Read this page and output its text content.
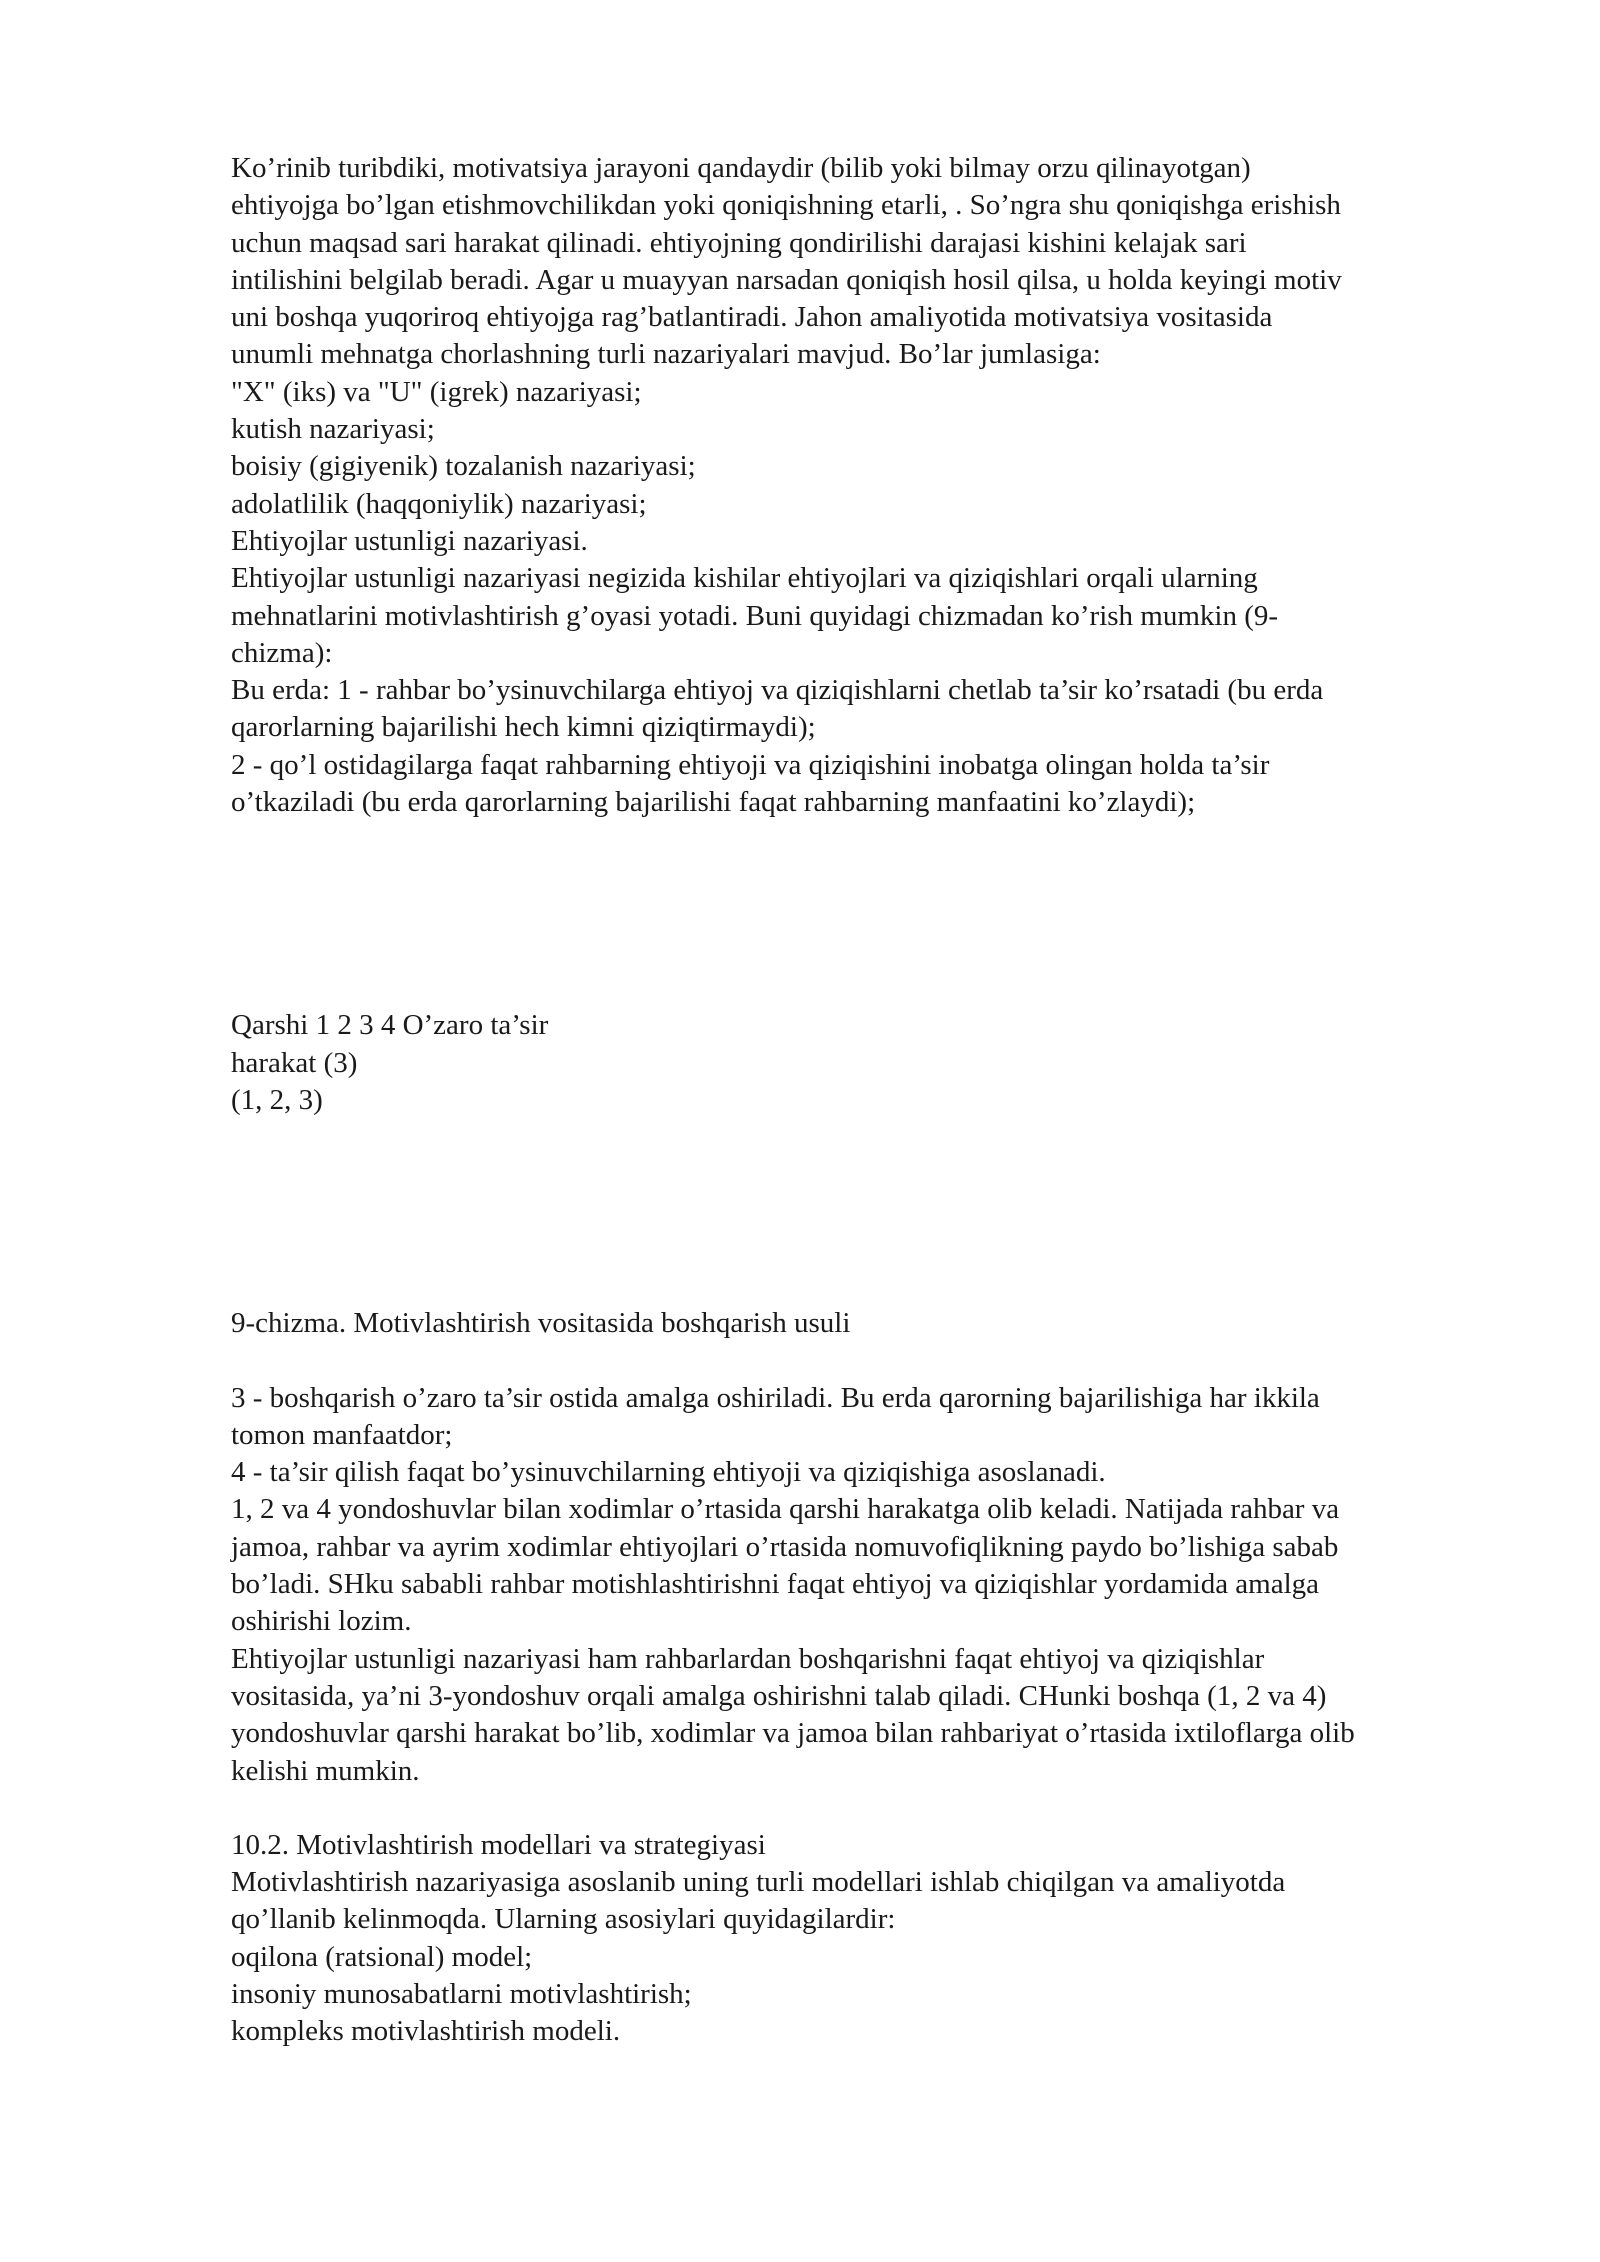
Ko’rinib turibdiki, motivatsiya jarayoni qandaydir (bilib yoki bilmay orzu qilinayotgan)
ehtiyojga bo’lgan etishmovchilikdan yoki qoniqishning etarli, . So’ngra shu qoniqishga erishish
uchun maqsad sari harakat qilinadi. ehtiyojning qondirilishi darajasi kishini kelajak sari
intilishini belgilab beradi. Agar u muayyan narsadan qoniqish hosil qilsa, u holda keyingi motiv
uni boshqa yuqoriroq ehtiyojga rag’batlantiradi. Jahon amaliyotida motivatsiya vositasida
unumli mehnatga chorlashning turli nazariyalari mavjud. Bo’lar jumlasiga:
"X" (iks) va "U" (igrek) nazariyasi;
kutish nazariyasi;
boisiy (gigiyenik) tozalanish nazariyasi;
adolatlilik (haqqoniylik) nazariyasi;
Ehtiyojlar ustunligi nazariyasi.
Ehtiyojlar ustunligi nazariyasi negizida kishilar ehtiyojlari va qiziqishlari orqali ularning
mehnatlarini motivlashtirish g’oyasi yotadi. Buni quyidagi chizmadan ko’rish mumkin (9-
chizma):
Bu erda: 1 - rahbar bo’ysinuvchilarga ehtiyoj va qiziqishlarni chetlab ta’sir ko’rsatadi (bu erda
qarorlarning bajarilishi hech kimni qiziqtirmaydi);
2 - qo’l ostidagilarga faqat rahbarning ehtiyoji va qiziqishini inobatga olingan holda ta’sir
o’tkaziladi (bu erda qarorlarning bajarilishi faqat rahbarning manfaatini ko’zlaydi);
Qarshi 1 2 3 4 O’zaro ta’sir
harakat (3)
(1, 2, 3)
9-chizma. Motivlashtirish vositasida boshqarish usuli
3 - boshqarish o’zaro ta’sir ostida amalga oshiriladi. Bu erda qarorning bajarilishiga har ikkila
tomon manfaatdor;
4 - ta’sir qilish faqat bo’ysinuvchilarning ehtiyoji va qiziqishiga asoslanadi.
1, 2 va 4 yondoshuvlar bilan xodimlar o’rtasida qarshi harakatga olib keladi. Natijada rahbar va
jamoa, rahbar va ayrim xodimlar ehtiyojlari o’rtasida nomuvofiqlikning paydo bo’lishiga sabab
bo’ladi. SHku sababli rahbar motishlashtirishni faqat ehtiyoj va qiziqishlar yordamida amalga
oshirishi lozim.
Ehtiyojlar ustunligi nazariyasi ham rahbarlardan boshqarishni faqat ehtiyoj va qiziqishlar
vositasida, ya’ni 3-yondoshuv orqali amalga oshirishni talab qiladi. CHunki boshqa (1, 2 va 4)
yondoshuvlar qarshi harakat bo’lib, xodimlar va jamoa bilan rahbariyat o’rtasida ixtiloflarga olib
kelishi mumkin.
10.2. Motivlashtirish modellari va strategiyasi
Motivlashtirish nazariyasiga asoslanib uning turli modellari ishlab chiqilgan va amaliyotda
qo’llanib kelinmoqda. Ularning asosiylari quyidagilardir:
oqilona (ratsional) model;
insoniy munosabatlarni motivlashtirish;
kompleks motivlashtirish modeli.
